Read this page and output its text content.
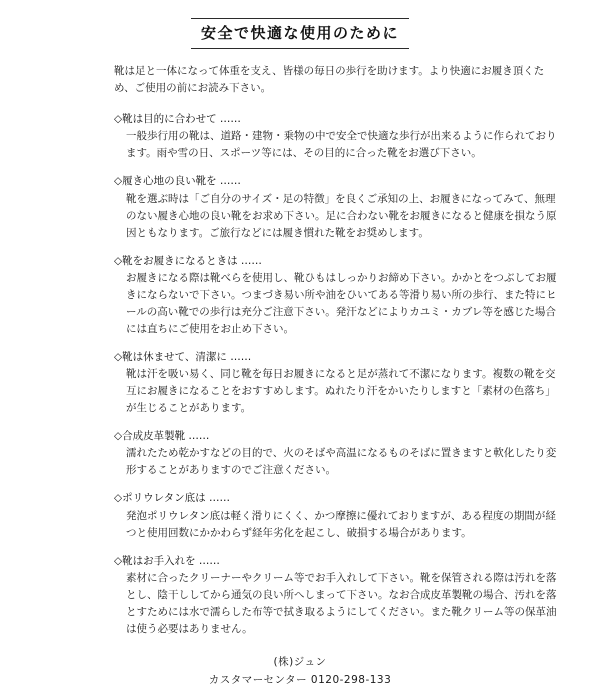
安全で快適な使用のために

靴は足と一体になって体重を支え、皆様の毎日の歩行を助けます。より快適にお履き頂くため、ご使用の前にお読み下さい。

◇靴は目的に合わせて ……
一般歩行用の靴は、道路・建物・乗物の中で安全で快適な歩行が出来るように作られております。雨や雪の日、スポーツ等には、その目的に合った靴をお選び下さい。
◇履き心地の良い靴を ……
靴を選ぶ時は「ご自分のサイズ・足の特徴」を良くご承知の上、お履きになってみて、無理のない履き心地の良い靴をお求め下さい。足に合わない靴をお履きになると健康を損なう原因ともなります。ご旅行などには履き慣れた靴をお奨めします。
◇靴をお履きになるときは ……
お履きになる際は靴べらを使用し、靴ひもはしっかりお締め下さい。かかとをつぶしてお履きにならないで下さい。つまづき易い所や油をひいてある等滑り易い所の歩行、また特にヒールの高い靴での歩行は充分ご注意下さい。発汗などによりカユミ・カブレ等を感じた場合には直ちにご使用をお止め下さい。
◇靴は休ませて、清潔に ……
靴は汗を吸い易く、同じ靴を毎日お履きになると足が蒸れて不潔になります。複数の靴を交互にお履きになることをおすすめします。ぬれたり汗をかいたりしますと「素材の色落ち」が生じることがあります。
◇合成皮革製靴 ……
濡れたため乾かすなどの目的で、火のそばや高温になるものそばに置きますと軟化したり変形することがありますのでご注意ください。
◇ポリウレタン底は ……
発泡ポリウレタン底は軽く滑りにくく、かつ摩擦に優れておりますが、ある程度の期間が経つと使用回数にかかわらず経年劣化を起こし、破損する場合があります。
◇靴はお手入れを ……
素材に合ったクリーナーやクリーム等でお手入れして下さい。靴を保管される際は汚れを落とし、陰干ししてから通気の良い所へしまって下さい。なお合成皮革製靴の場合、汚れを落とすためには水で濡らした布等で拭き取るようにしてください。また靴クリーム等の保革油は使う必要はありません。
(株)ジュン
カスタマーセンター 0120-298-133
